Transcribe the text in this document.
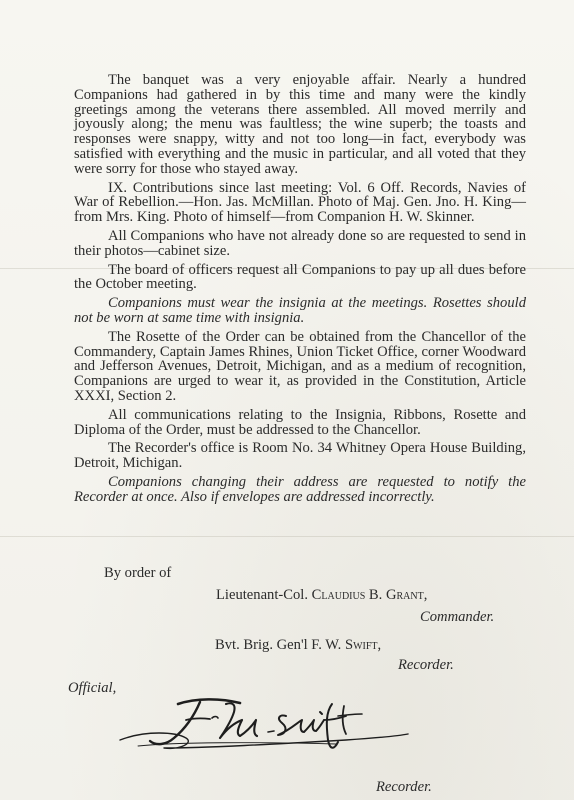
The banquet was a very enjoyable affair. Nearly a hundred Companions had gathered in by this time and many were the kindly greetings among the veterans there assembled. All moved merrily and joyously along; the menu was faultless; the wine superb; the toasts and responses were snappy, witty and not too long—in fact, everybody was satisfied with everything and the music in particular, and all voted that they were sorry for those who stayed away.

IX. Contributions since last meeting: Vol. 6 Off. Records, Navies of War of Rebellion.—Hon. Jas. McMillan. Photo of Maj. Gen. Jno. H. King—from Mrs. King. Photo of himself—from Companion H. W. Skinner.

All Companions who have not already done so are requested to send in their photos—cabinet size.

The board of officers request all Companions to pay up all dues before the October meeting.

Companions must wear the insignia at the meetings. Rosettes should not be worn at same time with insignia.

The Rosette of the Order can be obtained from the Chancellor of the Commandery, Captain James Rhines, Union Ticket Office, corner Woodward and Jefferson Avenues, Detroit, Michigan, and as a medium of recognition, Companions are urged to wear it, as provided in the Constitution, Article XXXI, Section 2.

All communications relating to the Insignia, Ribbons, Rosette and Diploma of the Order, must be addressed to the Chancellor.

The Recorder's office is Room No. 34 Whitney Opera House Building, Detroit, Michigan.

Companions changing their address are requested to notify the Recorder at once. Also if envelopes are addressed incorrectly.

By order of
Lieutenant-Col. Claudius B. Grant,
Commander.
Bvt. Brig. Gen'l F. W. Swift,
Recorder.
Official,
Recorder.
